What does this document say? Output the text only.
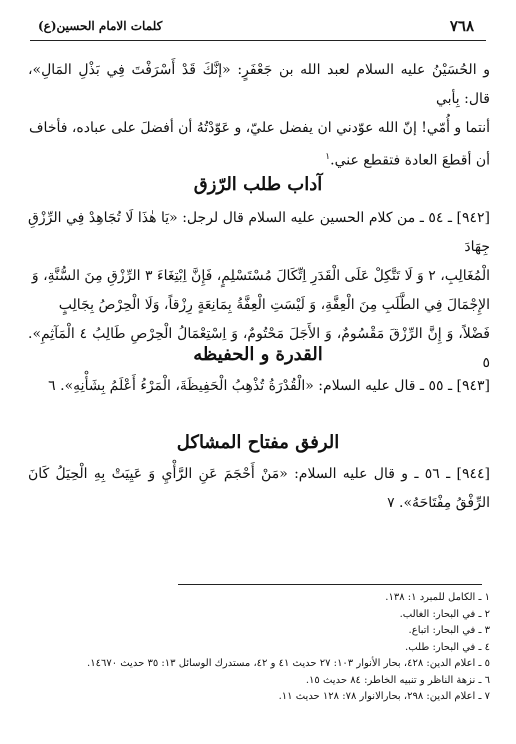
٧٦٨
كلمات الامام الحسين(ع)
و الحُسَيْنُ عليه السلام لعبد الله بن جَعْفَرٍ: «إنَّكَ قَدْ أَسْرَفْتَ فِي بَذْلِ المَالِ»، قال: بِأبي
أنتما و أُمّي! إنّ الله عوّدني ان يفضل عليّ، و عَوّدْتُهُ أن أفضلَ على عباده، فأخاف
أن أقطعَ العادة فتقطع عني.$^١$
آداب طلب الرّزق
[٩٤٢] ـ ٥٤ ـ من كلام الحسين عليه السلام قال لرجل: «يَا هٰذَا لَا تُجَاهِدْ فِي الرِّزْقِ جِهَادَ
الْمُغَالِبِ، ٢ وَ لَا تَتَّكِلْ عَلَى الْقَدَرِ اِتِّكَالَ مُسْتَسْلِمٍ، فَإِنَّ اِبْتِغَاءَ ٣ الرِّزْقِ مِنَ السُّنَّةِ، وَ
الإِجْمَالَ فِي الطَّلَبِ مِنَ الْعِفَّةِ، وَ لَيْسَتِ الْعِفَّةُ بِمَانِعَةٍ رِزْقاً، وَلَا الْحِرْصُ بِجَالِبٍ
فَضْلاً، وَ إِنَّ الرِّزْقَ مَقْسُومٌ، وَ الأَجَلَ مَحْتُومٌ، وَ اِسْتِعْمَالُ الْحِرْصِ طَالِبُ ٤ الْمَآثِمِ». ٥
القدرة و الحفيظه
[٩٤٣] ـ ٥٥ ـ قال عليه السلام: «الْقُدْرَةُ تُذْهِبُ الْحَفِيظَةَ، الْمَرْءُ أَعْلَمُ بِشَأْنِهِ». ٦
الرفق مفتاح المشاكل
[٩٤٤] ـ ٥٦ ـ و قال عليه السلام: «مَنْ أَحْجَمَ عَنِ الرَّأْيِ وَ عَيِيَتْ بِهِ الْحِيَلُ كَانَ الرِّفْقُ مِفْتَاحَهُ». ٧
١ ـ الكامل للمبرد ١: ١٣٨.
٢ ـ في البحار: الغالب.
٣ ـ في البحار: اتباع.
٤ ـ في البحار: طلب.
٥ ـ اعلام الدين: ٤٢٨، بحار الأنوار ١٠٣: ٢٧ حديث ٤١ و ٤٢، مستدرك الوسائل ١٣: ٣٥ حديث ١٤٦٧٠.
٦ ـ نزهة الناظر و تنبيه الخاطر: ٨٤ حديث ١٥.
٧ ـ اعلام الدين: ٢٩٨، بحارالانوار ٧٨: ١٢٨ حديث ١١.
